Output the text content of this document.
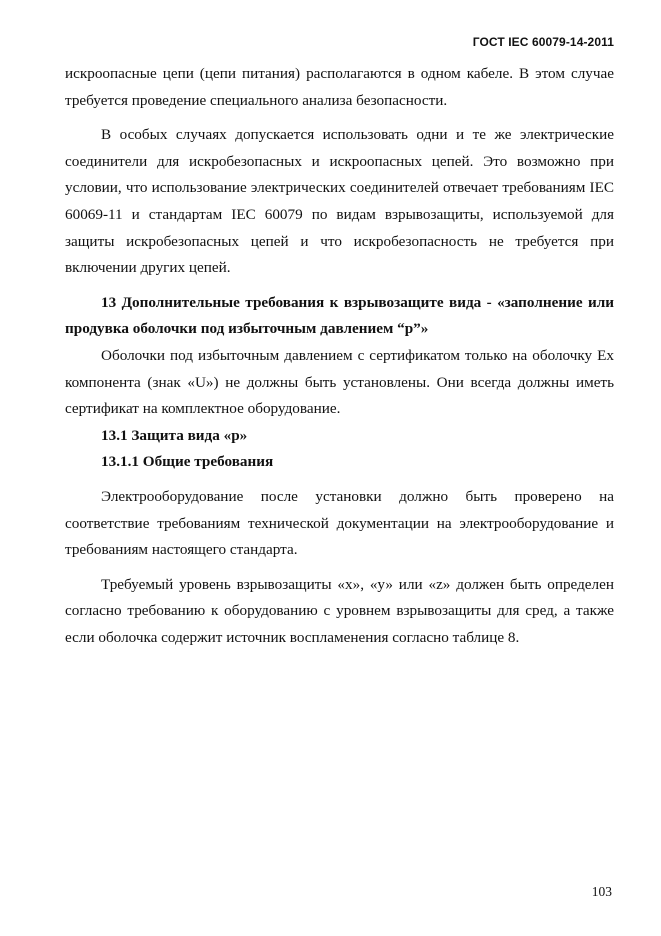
ГОСТ IEC 60079-14-2011

искроопасные цепи (цепи питания) располагаются в одном кабеле. В этом случае требуется проведение специального анализа безопасности.

В особых случаях допускается использовать одни и те же электрические соединители для искробезопасных и искроопасных цепей. Это возможно при условии, что использование электрических соединителей отвечает требованиям IEC 60069-11 и стандартам IEC 60079 по видам взрывозащиты, используемой для защиты искробезопасных цепей и что искробезопасность не требуется при включении других цепей.

13 Дополнительные требования к взрывозащите вида - «заполнение или продувка оболочки под избыточным давлением “р”»

Оболочки под избыточным давлением с сертификатом только на оболочку Ex компонента (знак «U») не должны быть установлены. Они всегда должны иметь сертификат на комплектное оборудование.

13.1 Защита вида «р»

13.1.1 Общие требования

Электрооборудование после установки должно быть проверено на соответствие требованиям технической документации на электрооборудование и требованиям настоящего стандарта.

Требуемый уровень взрывозащиты «х», «у» или «z» должен быть определен согласно требованию к оборудованию с уровнем взрывозащиты для сред, а также если оболочка содержит источник воспламенения согласно таблице 8.

103
